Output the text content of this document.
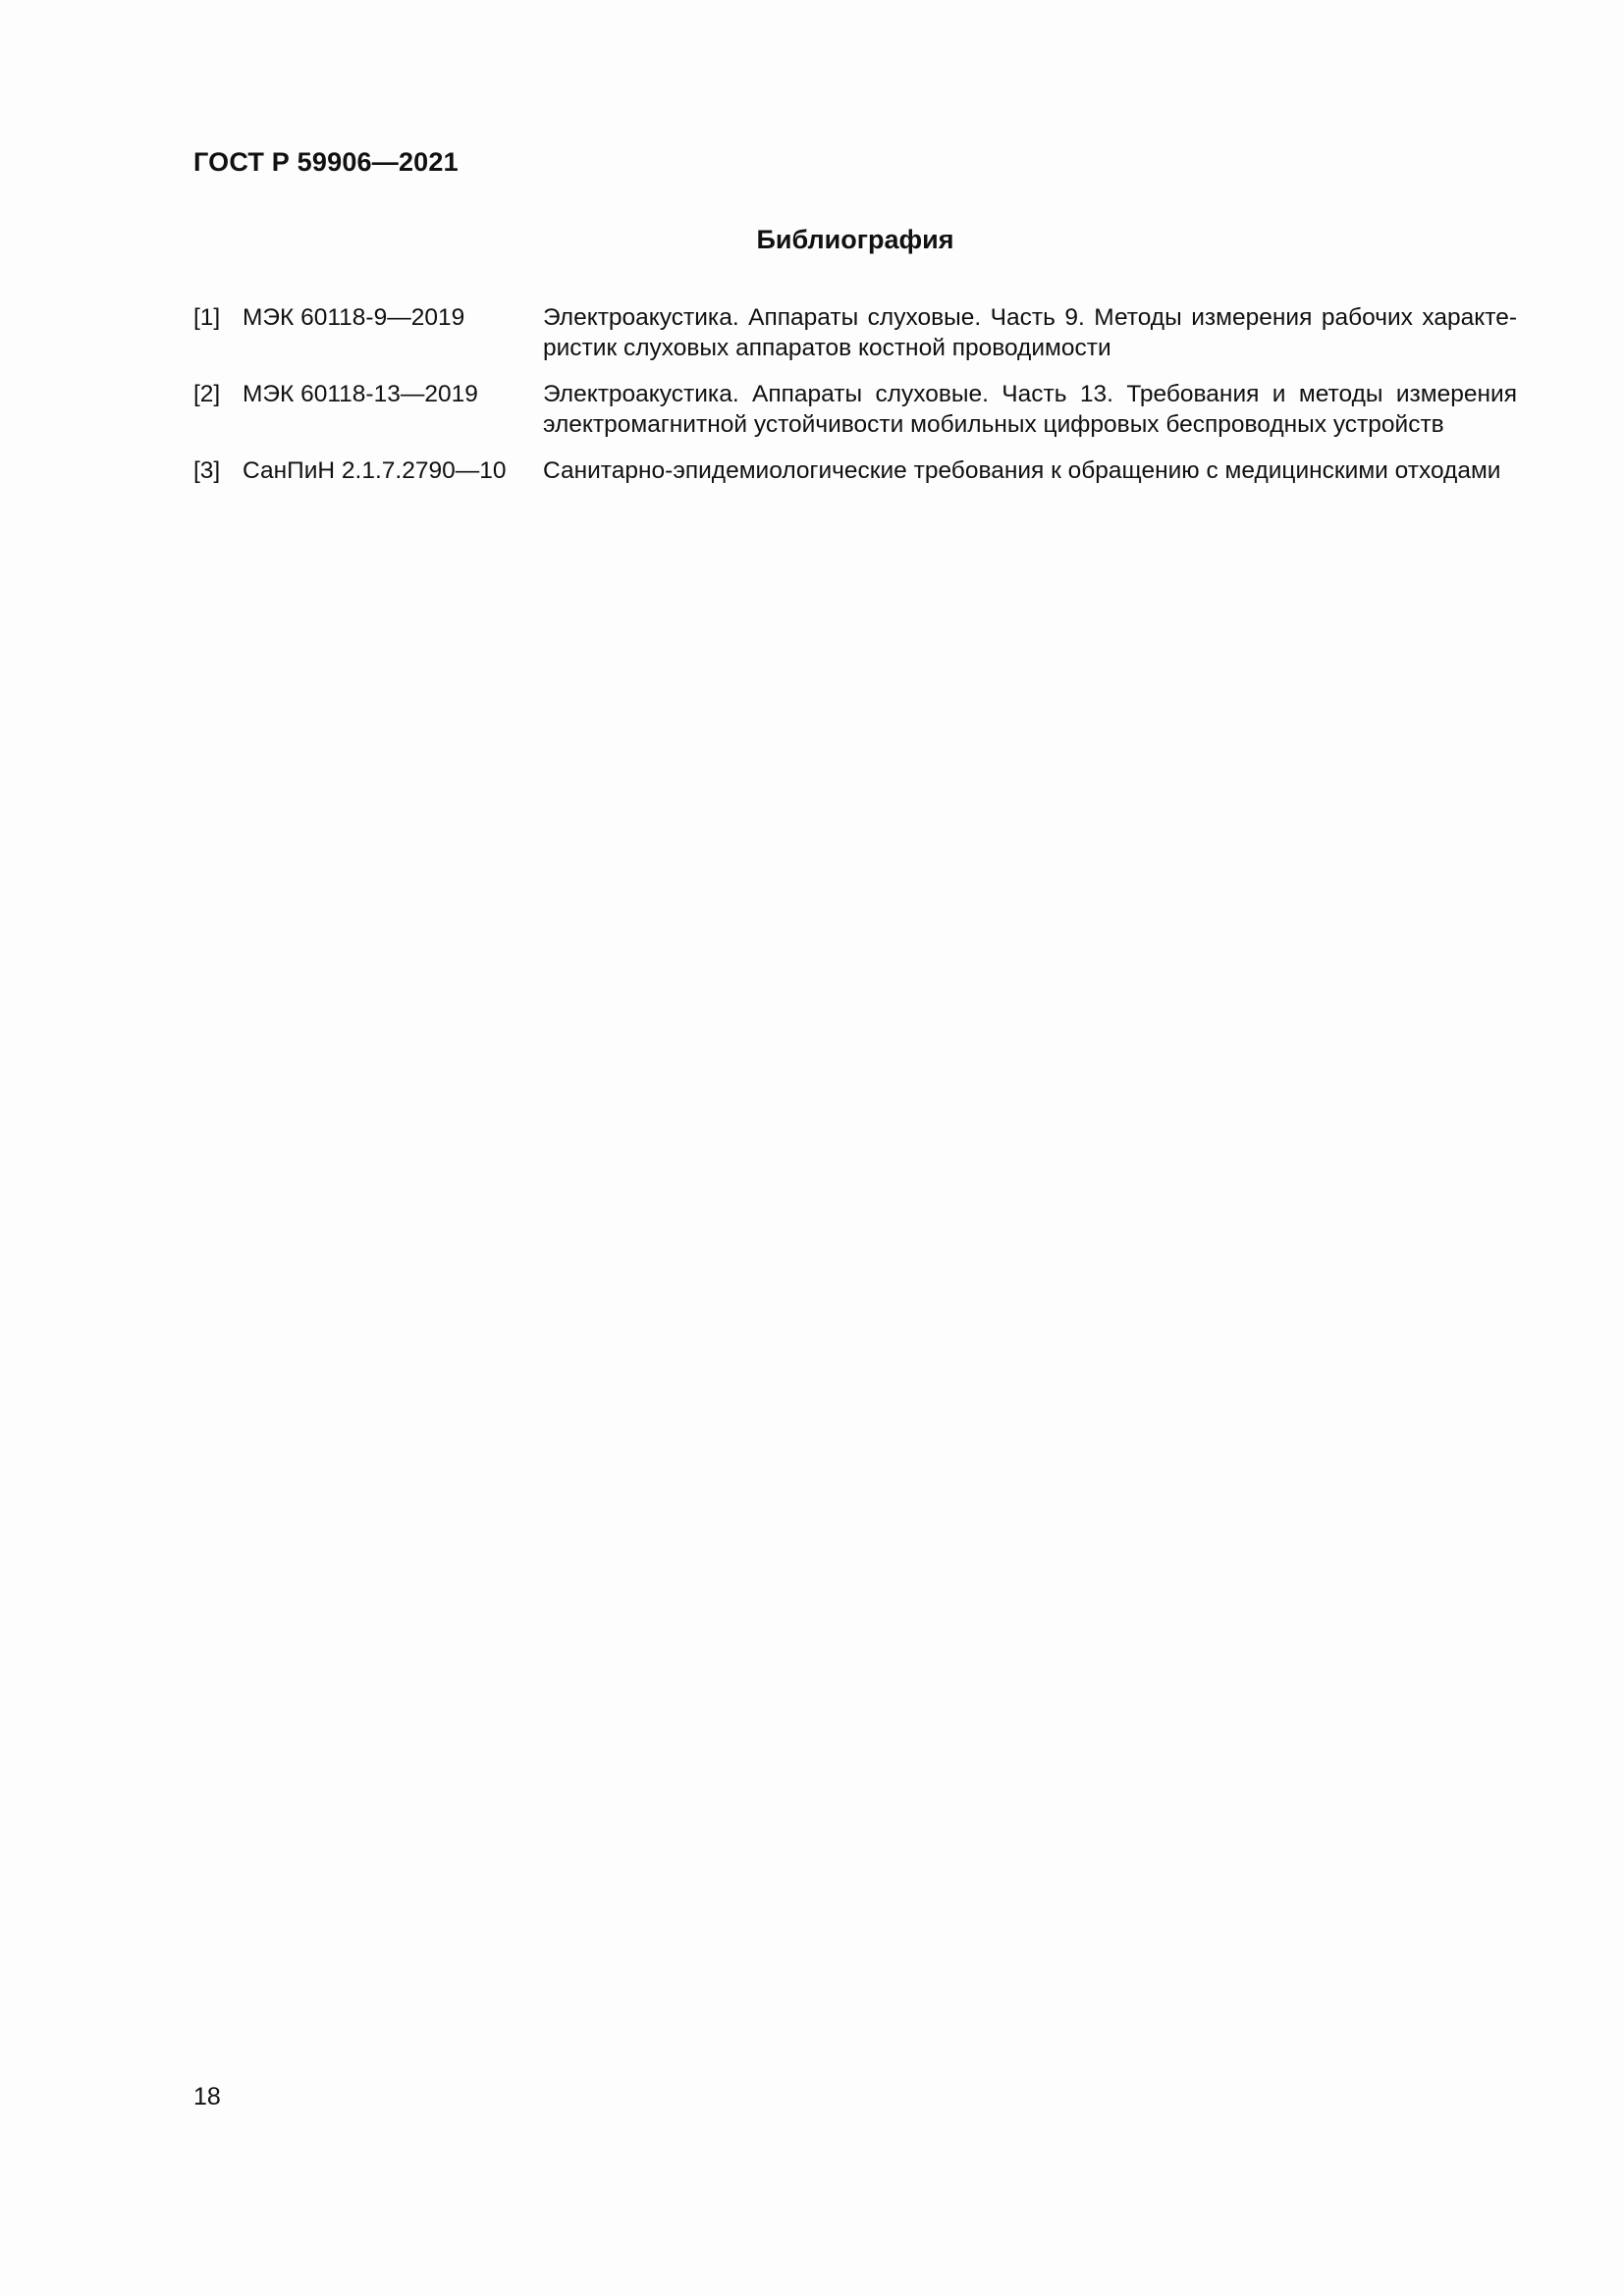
ГОСТ Р 59906—2021
Библиография
[1] МЭК 60118-9—2019	Электроакустика. Аппараты слуховые. Часть 9. Методы измерения рабочих характе-ристик слуховых аппаратов костной проводимости
[2] МЭК 60118-13—2019	Электроакустика. Аппараты слуховые. Часть 13. Требования и методы измерения электромагнитной устойчивости мобильных цифровых беспроводных устройств
[3] СанПиН 2.1.7.2790—10	Санитарно-эпидемиологические требования к обращению с медицинскими отходами
18
